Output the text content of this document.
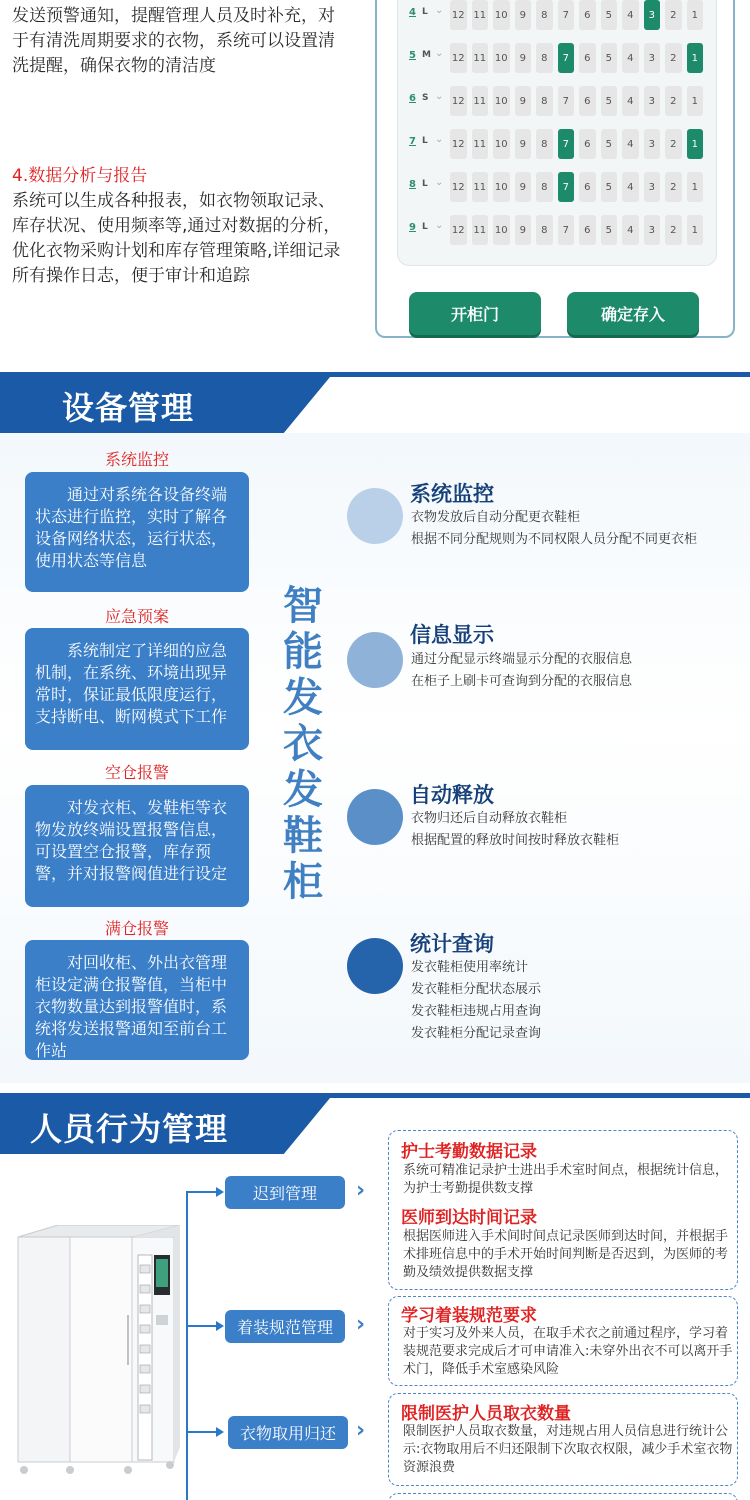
发送预警通知，提醒管理人员及时补充，对于有清洗周期要求的衣物，系统可以设置清洗提醒，确保衣物的清洁度

4.数据分析与报告

系统可以生成各种报表，如衣物领取记录、库存状况、使用频率等,通过对数据的分析，优化衣物采购计划和库存管理策略,详细记录所有操作日志，便于审计和追踪

4 L ⌄ 12 11 10	9	8	7	6	5	4	3	2	1
5 M ⌄ 12 11 10	9	8	7	6	5	4	3	2	1
6 S ⌄ 12 11 10	9	8	7	6	5	4	3	2	1
7 L ⌄ 12 11 10	9	8	7	6	5	4	3	2	1
8 L ⌄ 12 11 10	9	8	7	6	5	4	3	2	1
9 L ⌄ 12 11 10	9	8	7	6	5	4	3	2	1
开柜门	确定存入
设备管理
系统监控
通过对系统各设备终端状态进行监控，实时了解各设备网络状态，运行状态，使用状态等信息
应急预案
系统制定了详细的应急机制，在系统、环境出现异常时，保证最低限度运行，支持断电、断网模式下工作
空仓报警
对发衣柜、发鞋柜等衣物发放终端设置报警信息，可设置空仓报警，库存预警，并对报警阀值进行设定
满仓报警
对回收柜、外出衣管理柜设定满仓报警值，当柜中衣物数量达到报警值时，系统将发送报警通知至前台工作站
智
能
发
衣
发
鞋
柜
系统监控
衣物发放后自动分配更衣鞋柜
根据不同分配规则为不同权限人员分配不同更衣柜
信息显示
通过分配显示终端显示分配的衣服信息
在柜子上刷卡可查询到分配的衣服信息
自动释放
衣物归还后自动释放衣鞋柜
根据配置的释放时间按时释放衣鞋柜
统计查询
发衣鞋柜使用率统计
发衣鞋柜分配状态展示
发衣鞋柜违规占用查询
发衣鞋柜分配记录查询
人员行为管理
迟到管理	›
着装规范管理	›
衣物取用归还 ›
护士考勤数据记录
系统可精准记录护士进出手术室时间点，根据统计信息，为护士考勤提供数支撑
医师到达时间记录
根据医师进入手术间时间点记录医师到达时间，并根据手术排班信息中的手术开始时间判断是否迟到，为医师的考勤及绩效提供数据支撑
学习着装规范要求
对于实习及外来人员，在取手术衣之前通过程序，学习着装规范要求完成后才可申请准入:未穿外出衣不可以离开手术门，降低手术室感染风险
限制医护人员取衣数量
限制医护人员取衣数量，对违规占用人员信息进行统计公示:衣物取用后不归还限制下次取衣权限，减少手术室衣物资源浪费
